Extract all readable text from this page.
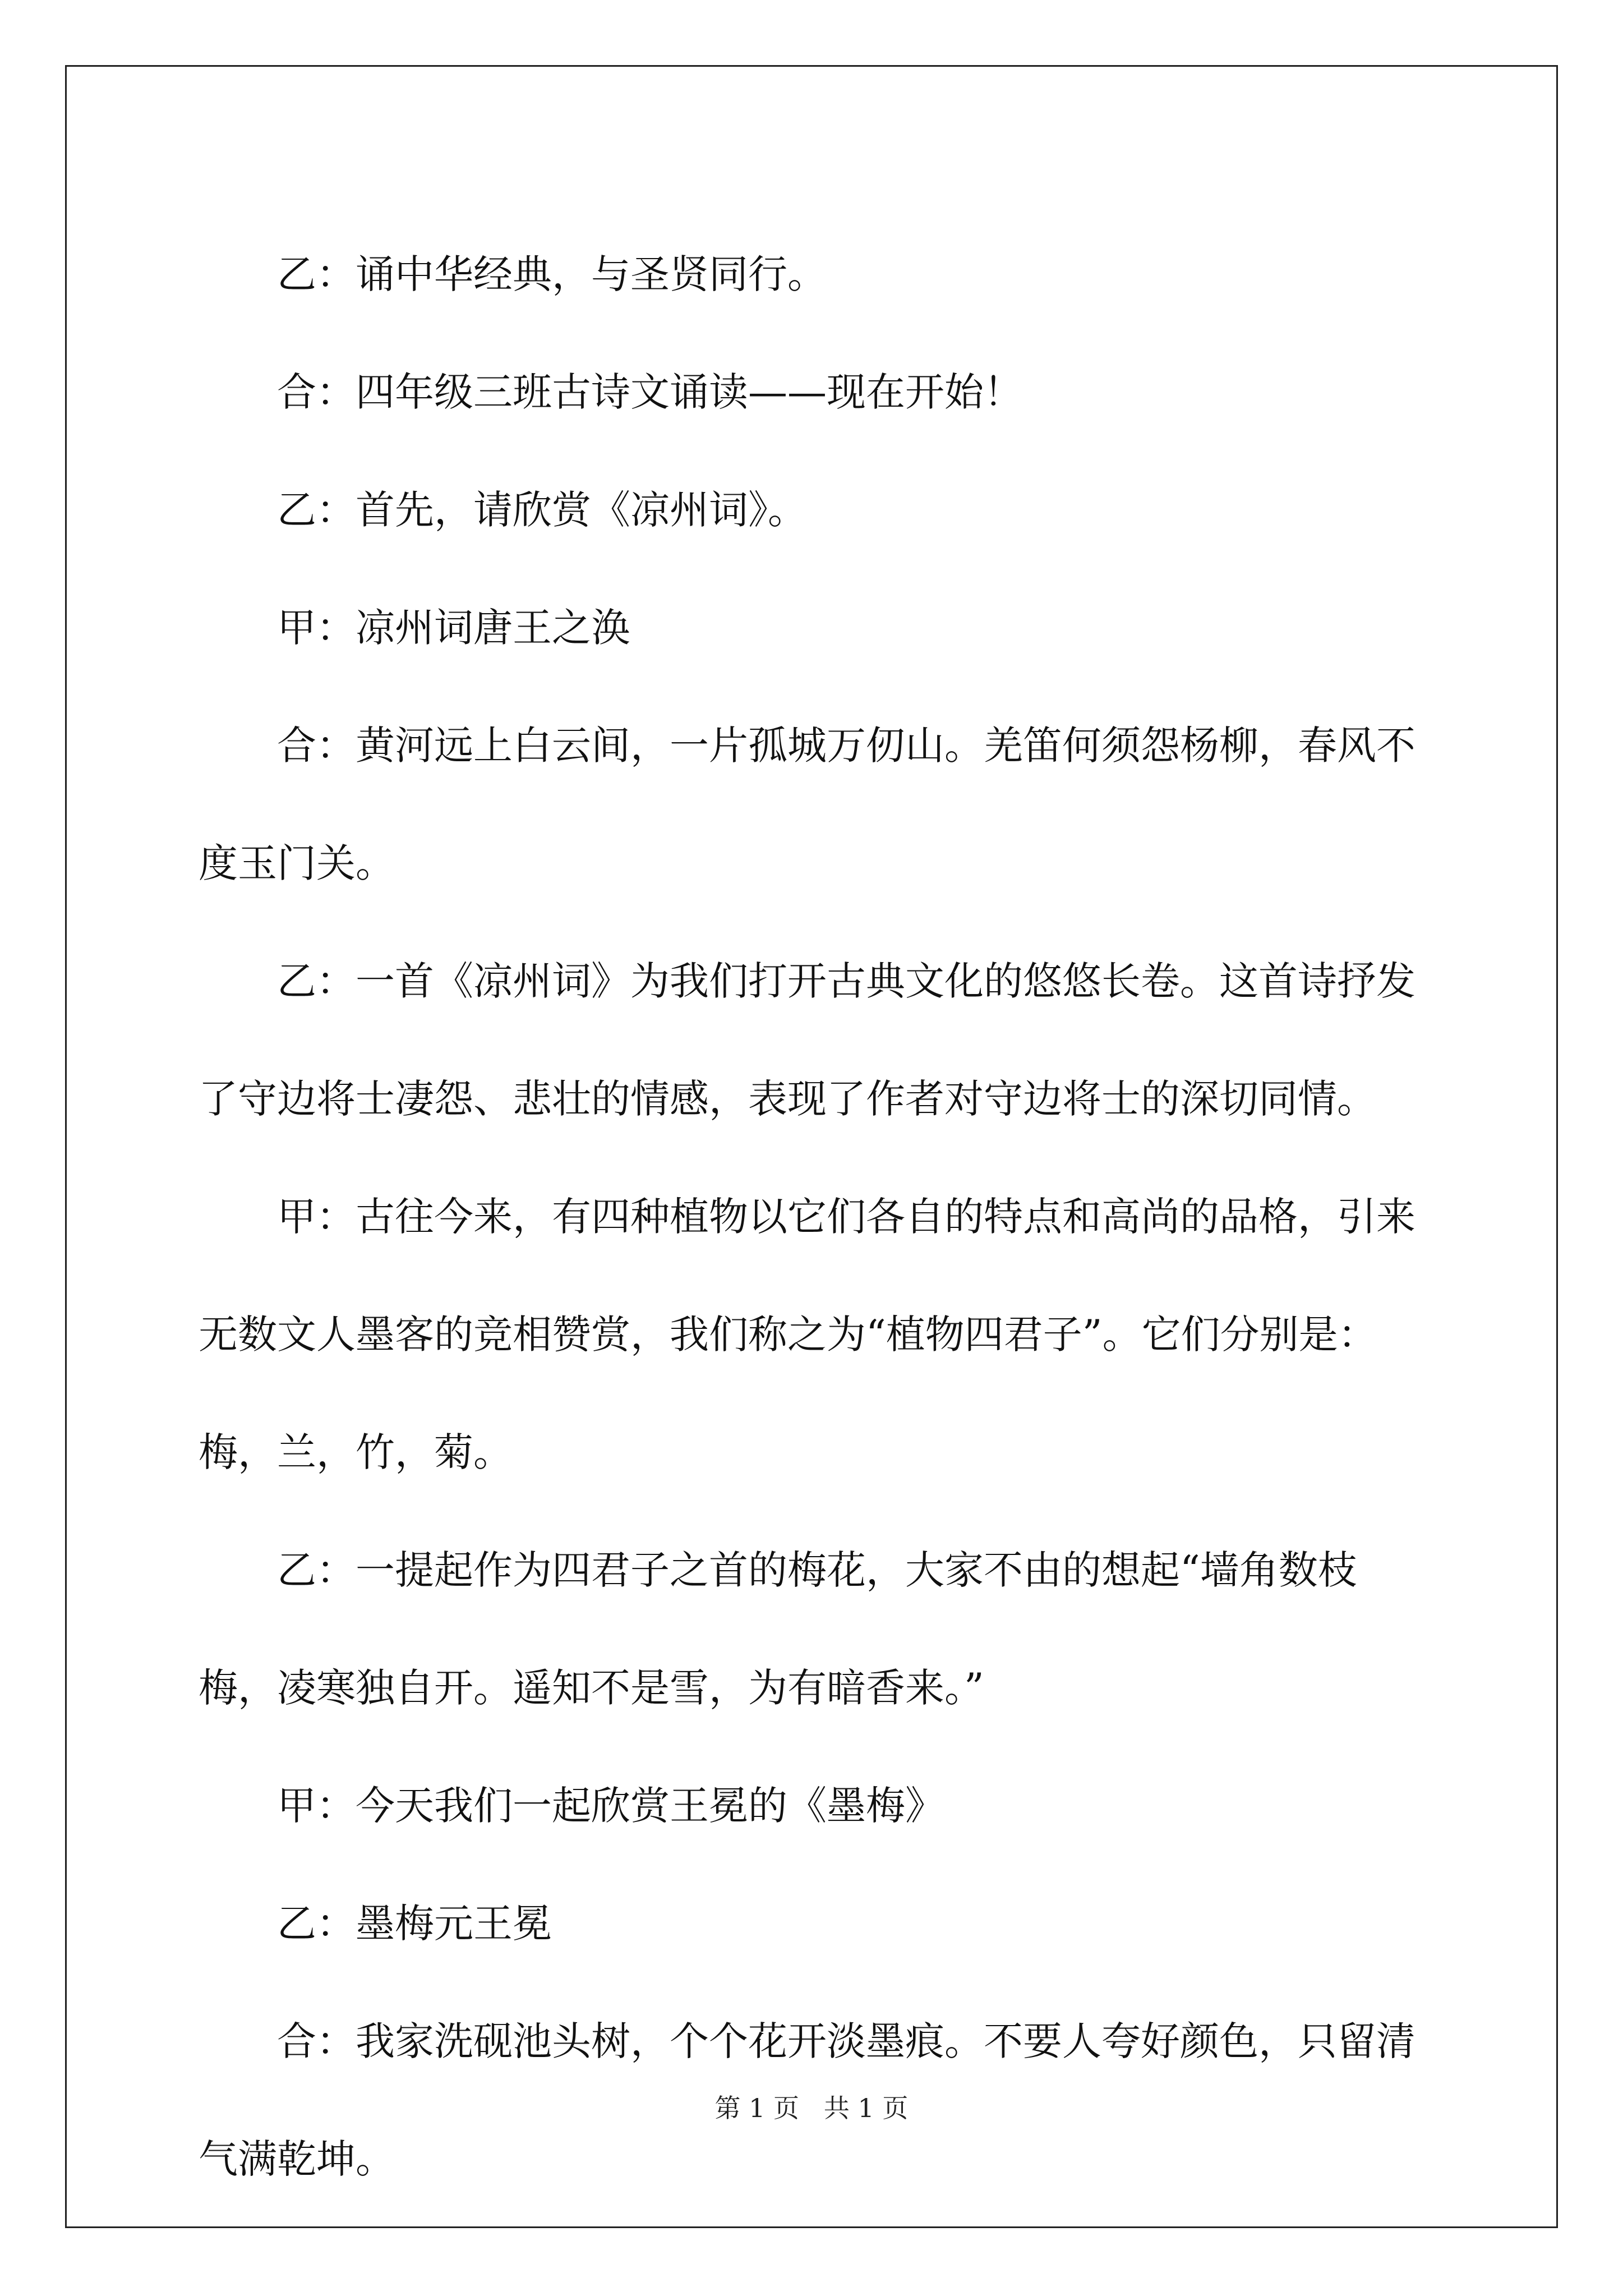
乙：诵中华经典，与圣贤同行。

合：四年级三班古诗文诵读——现在开始！

乙：首先，请欣赏《凉州词》。

甲：凉州词唐王之涣

合：黄河远上白云间，一片孤城万仞山。羌笛何须怨杨柳，春风不度玉门关。

乙：一首《凉州词》为我们打开古典文化的悠悠长卷。这首诗抒发了守边将士凄怨、悲壮的情感，表现了作者对守边将士的深切同情。

甲：古往今来，有四种植物以它们各自的特点和高尚的品格，引来无数文人墨客的竞相赞赏，我们称之为“植物四君子”。它们分别是：梅，兰，竹，菊。

乙：一提起作为四君子之首的梅花，大家不由的想起“墙角数枝梅，凌寒独自开。遥知不是雪，为有暗香来。”

甲：今天我们一起欣赏王冕的《墨梅》

乙：墨梅元王冕

合：我家洗砚池头树，个个花开淡墨痕。不要人夸好颜色，只留清气满乾坤。

第 1 页   共 1 页
